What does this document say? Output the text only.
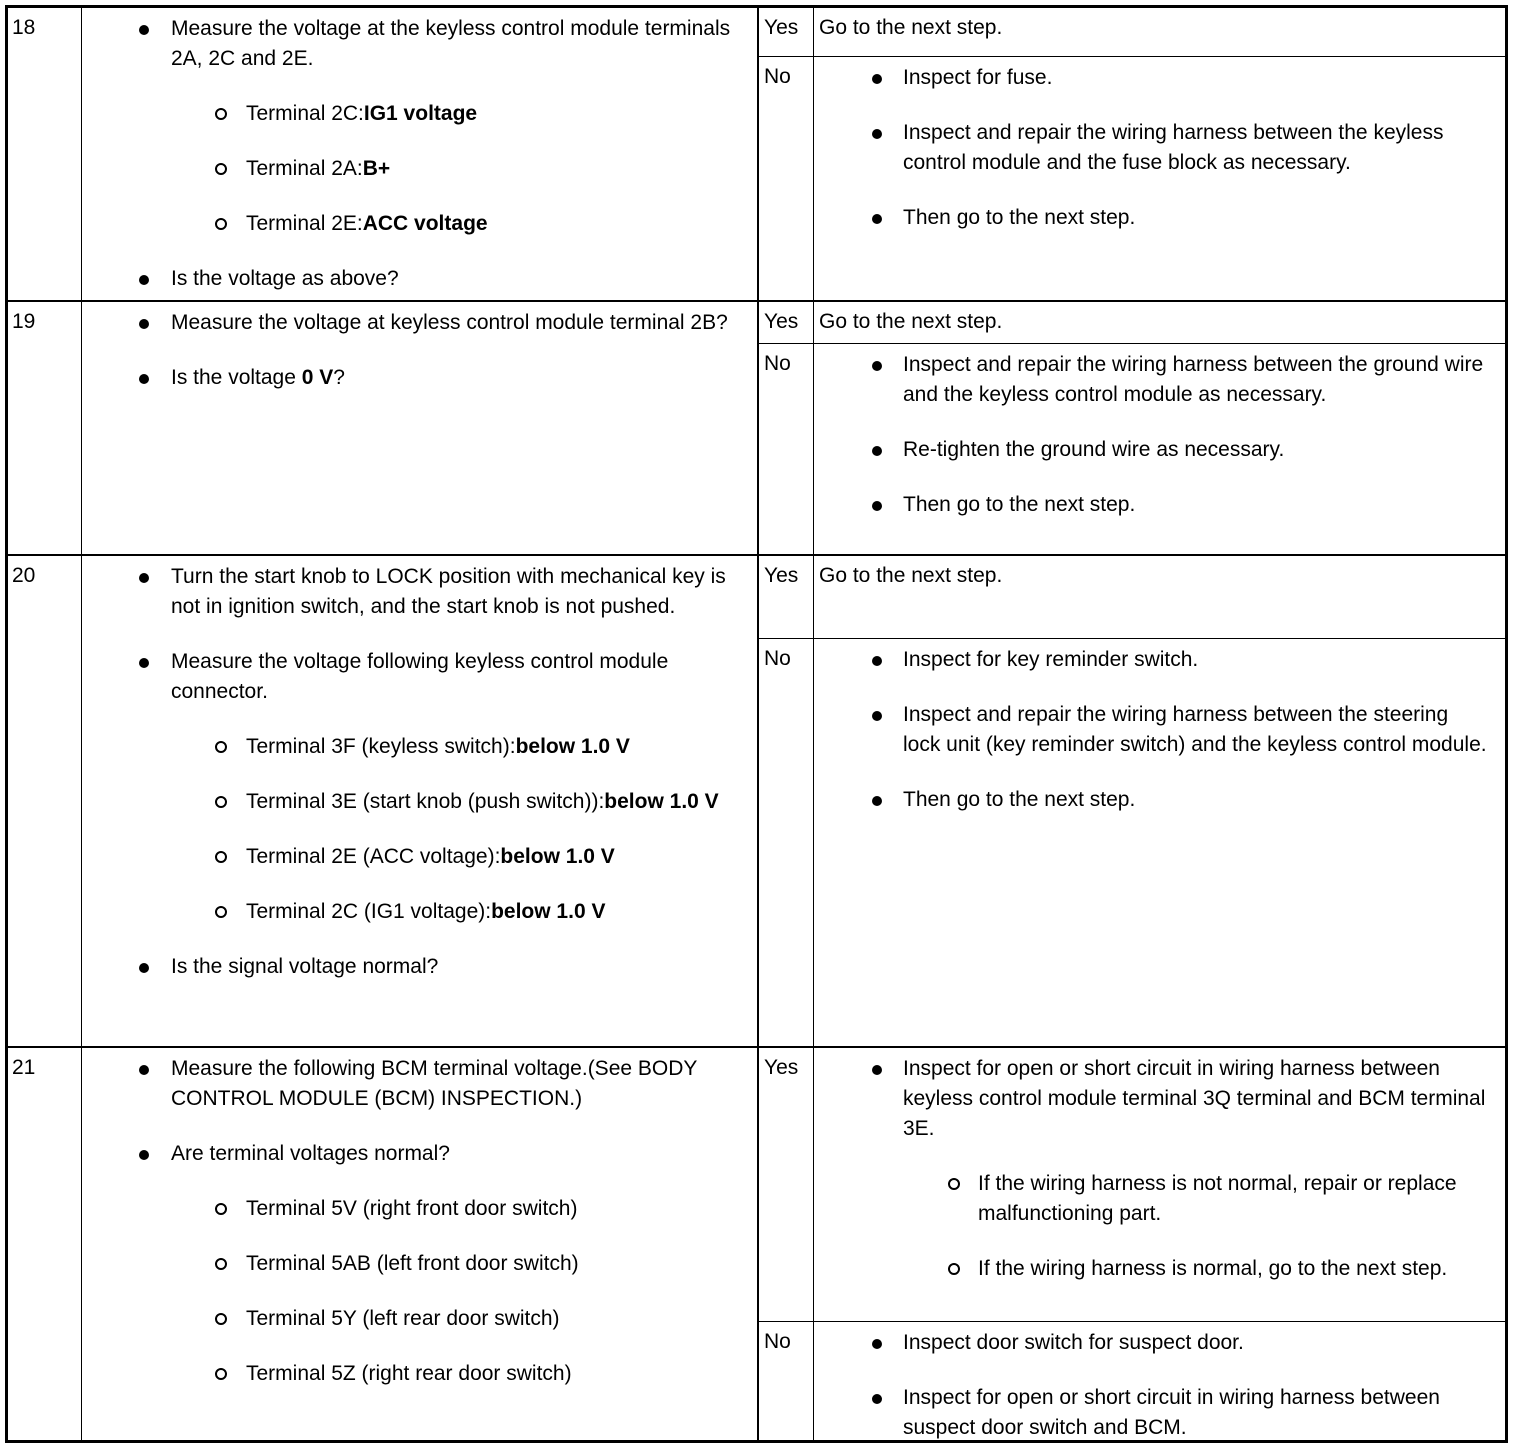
18	Measure the voltage at the keyless control module terminals 2A, 2C and 2E.
Terminal 2C:IG1 voltage
Terminal 2A:B+
Terminal 2E:ACC voltage
Is the voltage as above?
Yes Go to the next step.
No	Inspect for fuse.
Inspect and repair the wiring harness between the keyless control module and the fuse block as necessary.
Then go to the next step.
19	Measure the voltage at keyless control module terminal 2B?
Is the voltage 0 V?
Yes Go to the next step.
No	Inspect and repair the wiring harness between the ground wire and the keyless control module as necessary.
Re-tighten the ground wire as necessary.
Then go to the next step.
20	Turn the start knob to LOCK position with mechanical key is not in ignition switch, and the start knob is not pushed.
Measure the voltage following keyless control module connector.
Terminal 3F (keyless switch):below 1.0 V
Terminal 3E (start knob (push switch)):below 1.0 V
Terminal 2E (ACC voltage):below 1.0 V
Terminal 2C (IG1 voltage):below 1.0 V
Is the signal voltage normal?
Yes Go to the next step.
No	Inspect for key reminder switch.
Inspect and repair the wiring harness between the steering lock unit (key reminder switch) and the keyless control module.
Then go to the next step.
21	Measure the following BCM terminal voltage.(See BODY CONTROL MODULE (BCM) INSPECTION.)
Are terminal voltages normal?
Terminal 5V (right front door switch)
Terminal 5AB (left front door switch)
Terminal 5Y (left rear door switch)
Terminal 5Z (right rear door switch)
Yes	Inspect for open or short circuit in wiring harness between keyless control module terminal 3Q terminal and BCM terminal 3E.
If the wiring harness is not normal, repair or replace malfunctioning part.
If the wiring harness is normal, go to the next step.
No	Inspect door switch for suspect door.
Inspect for open or short circuit in wiring harness between suspect door switch and BCM.
